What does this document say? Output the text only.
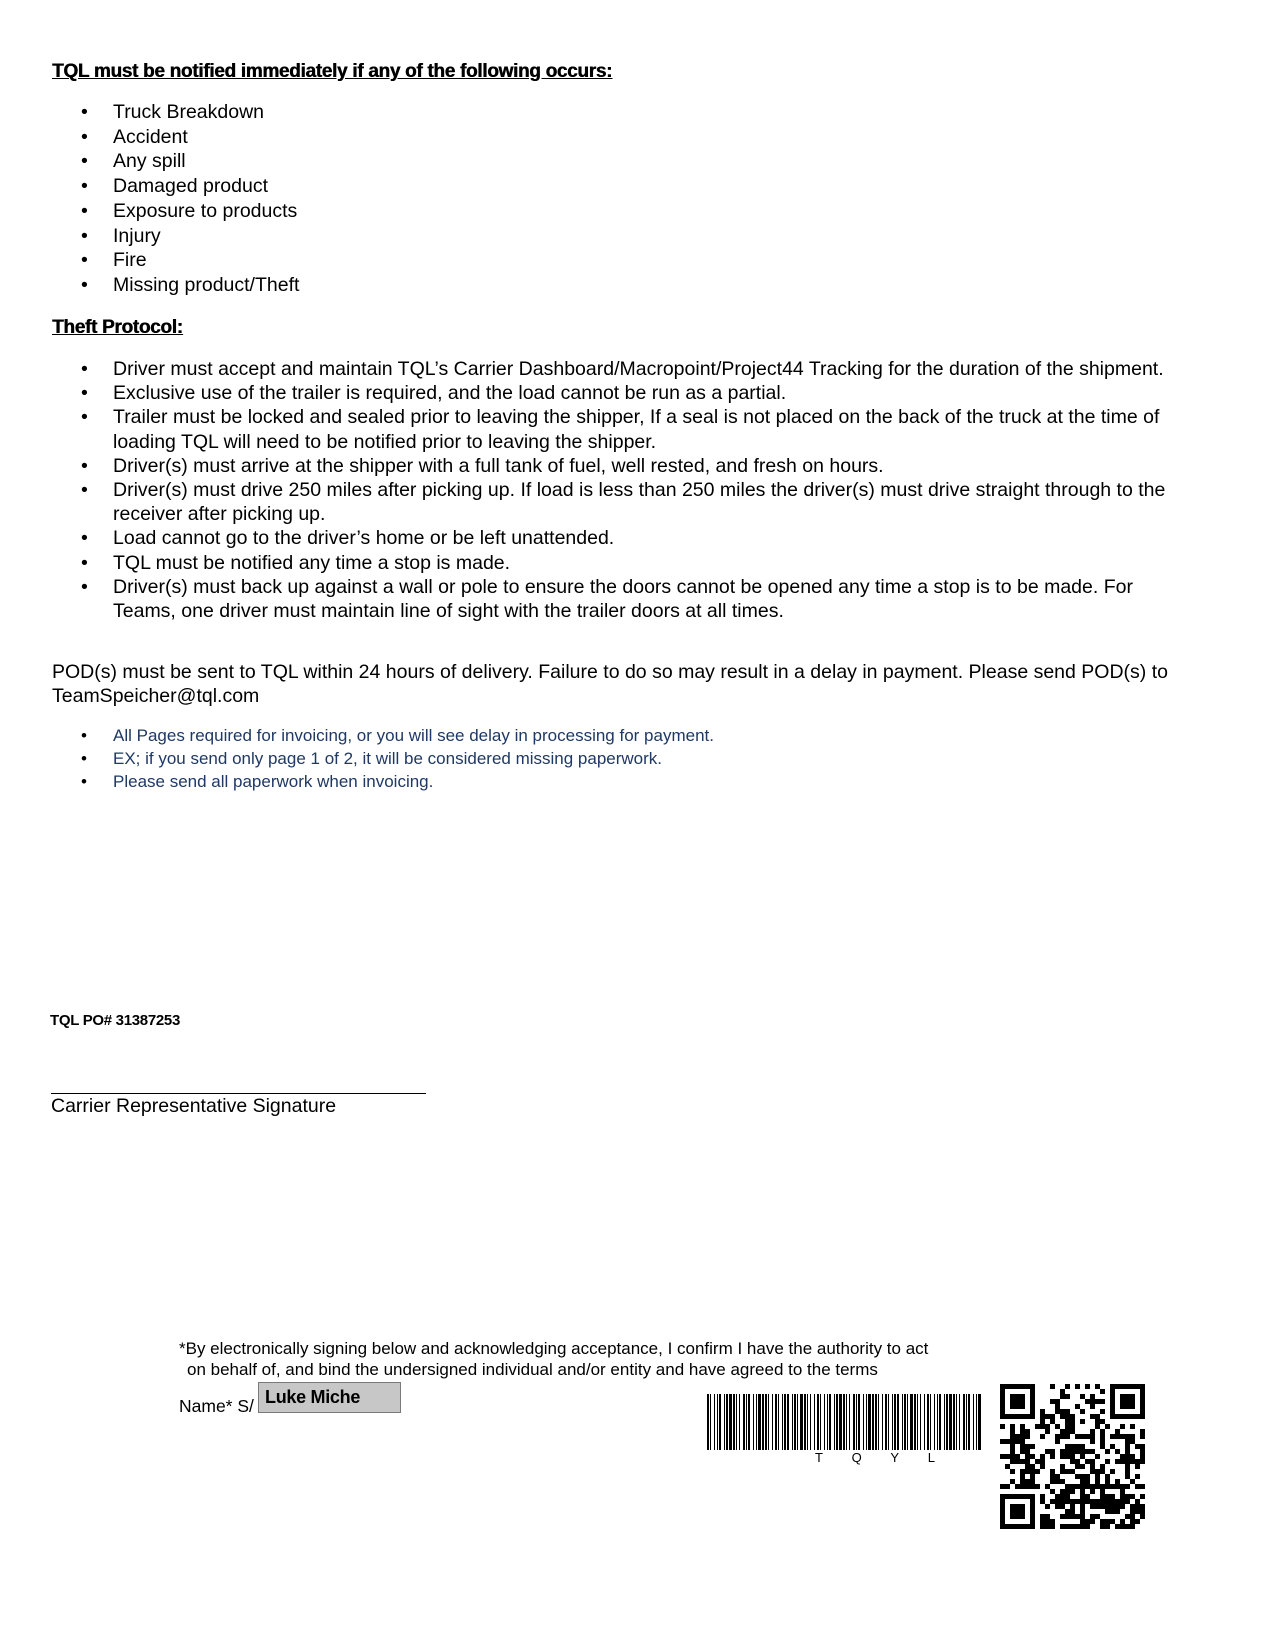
TQL must be notified immediately if any of the following occurs:
• Truck Breakdown
• Accident
• Any spill
• Damaged product
• Exposure to products
• Injury
• Fire
• Missing product/Theft
Theft Protocol:
• Driver must accept and maintain TQL’s Carrier Dashboard/Macropoint/Project44 Tracking for the duration of the shipment.
• Exclusive use of the trailer is required, and the load cannot be run as a partial.
• Trailer must be locked and sealed prior to leaving the shipper, If a seal is not placed on the back of the truck at the time of loading TQL will need to be notified prior to leaving the shipper.
• Driver(s) must arrive at the shipper with a full tank of fuel, well rested, and fresh on hours.
• Driver(s) must drive 250 miles after picking up. If load is less than 250 miles the driver(s) must drive straight through to the receiver after picking up.
• Load cannot go to the driver’s home or be left unattended.
• TQL must be notified any time a stop is made.
• Driver(s) must back up against a wall or pole to ensure the doors cannot be opened any time a stop is to be made. For Teams, one driver must maintain line of sight with the trailer doors at all times.
POD(s) must be sent to TQL within 24 hours of delivery. Failure to do so may result in a delay in payment. Please send POD(s) to TeamSpeicher@tql.com
• All Pages required for invoicing, or you will see delay in processing for payment.
• EX; if you send only page 1 of 2, it will be considered missing paperwork.
• Please send all paperwork when invoicing.
TQL PO# 31387253
Carrier Representative Signature
*By electronically signing below and acknowledging acceptance, I confirm I have the authority to act
on behalf of, and bind the undersigned individual and/or entity and have agreed to the terms
Name* S/ Luke Miche
T Q Y L
